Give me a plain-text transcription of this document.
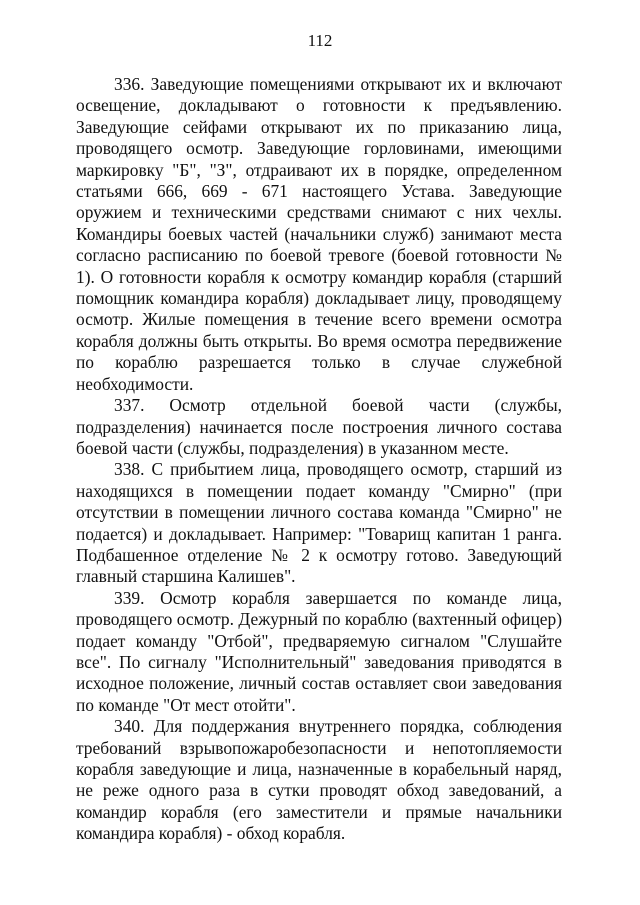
112

336. Заведующие помещениями открывают их и включают освещение, докладывают о готовности к предъявлению. Заведующие сейфами открывают их по приказанию лица, проводящего осмотр. Заведующие горловинами, имеющими маркировку "Б", "З", отдраивают их в порядке, определенном статьями 666, 669 - 671 настоящего Устава. Заведующие оружием и техническими средствами снимают с них чехлы. Командиры боевых частей (начальники служб) занимают места согласно расписанию по боевой тревоге (боевой готовности № 1). О готовности корабля к осмотру командир корабля (старший помощник командира корабля) докладывает лицу, проводящему осмотр. Жилые помещения в течение всего времени осмотра корабля должны быть открыты. Во время осмотра передвижение по кораблю разрешается только в случае служебной необходимости.

337. Осмотр отдельной боевой части (службы, подразделения) начинается после построения личного состава боевой части (службы, подразделения) в указанном месте.

338. С прибытием лица, проводящего осмотр, старший из находящихся в помещении подает команду "Смирно" (при отсутствии в помещении личного состава команда "Смирно" не подается) и докладывает. Например: "Товарищ капитан 1 ранга. Подбашенное отделение № 2 к осмотру готово. Заведующий главный старшина Калишев".

339. Осмотр корабля завершается по команде лица, проводящего осмотр. Дежурный по кораблю (вахтенный офицер) подает команду "Отбой", предваряемую сигналом "Слушайте все". По сигналу "Исполнительный" заведования приводятся в исходное положение, личный состав оставляет свои заведования по команде "От мест отойти".

340. Для поддержания внутреннего порядка, соблюдения требований взрывопожаробезопасности и непотопляемости корабля заведующие и лица, назначенные в корабельный наряд, не реже одного раза в сутки проводят обход заведований, а командир корабля (его заместители и прямые начальники командира корабля) - обход корабля.
